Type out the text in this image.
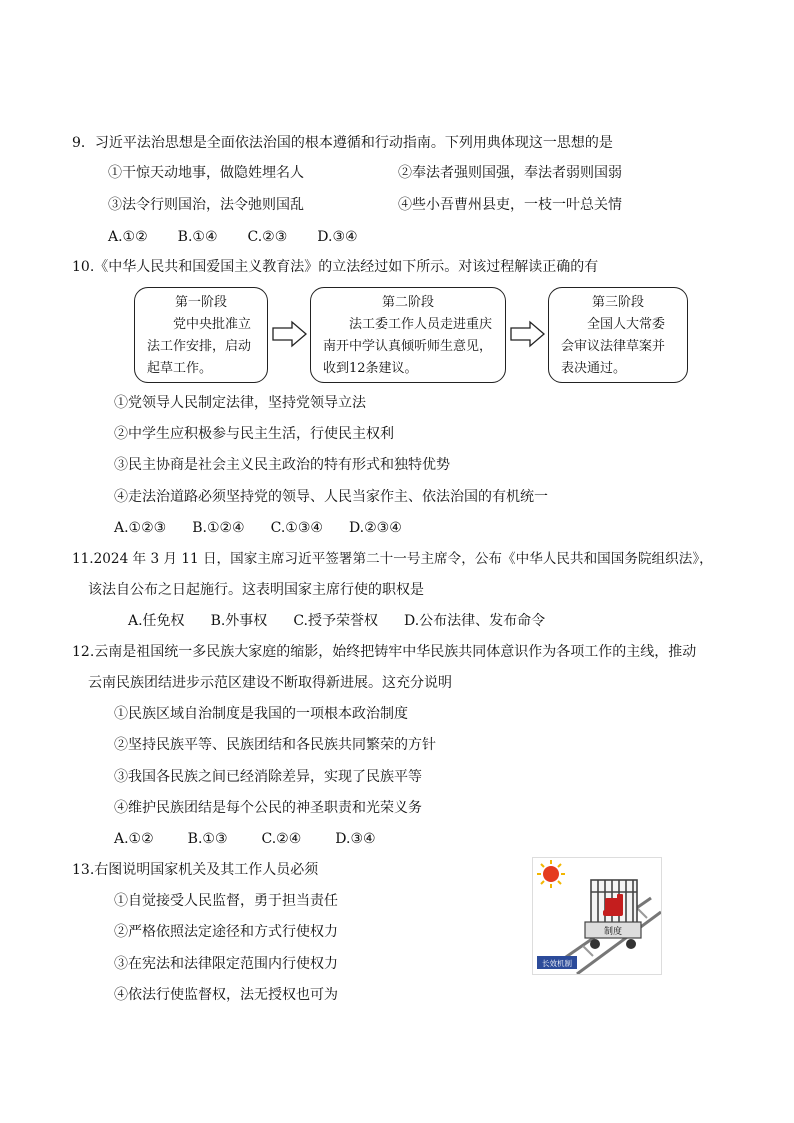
9．习近平法治思想是全面依法治国的根本遵循和行动指南。下列用典体现这一思想的是
①干惊天动地事，做隐姓埋名人	②奉法者强则国强，奉法者弱则国弱
③法令行则国治，法令弛则国乱	④些小吾曹州县吏，一枝一叶总关情
A.①② B.①④ C.②③ D.③④
10.《中华人民共和国爱国主义教育法》的立法经过如下所示。对该过程解读正确的有
第一阶段
党中央批准立法工作安排，启动起草工作。
第二阶段
法工委工作人员走进重庆南开中学认真倾听师生意见，收到12条建议。
第三阶段
全国人大常委会审议法律草案并表决通过。
①党领导人民制定法律，坚持党领导立法
②中学生应积极参与民主生活，行使民主权利
③民主协商是社会主义民主政治的特有形式和独特优势
④走法治道路必须坚持党的领导、人民当家作主、依法治国的有机统一
A.①②③ B.①②④ C.①③④ D.②③④
11.2024 年 3 月 11 日，国家主席习近平签署第二十一号主席令，公布《中华人民共和国国务院组织法》，
该法自公布之日起施行。这表明国家主席行使的职权是
A.任免权 B.外事权 C.授予荣誉权 D.公布法律、发布命令
12.云南是祖国统一多民族大家庭的缩影，始终把铸牢中华民族共同体意识作为各项工作的主线，推动
云南民族团结进步示范区建设不断取得新进展。这充分说明
①民族区域自治制度是我国的一项根本政治制度
②坚持民族平等、民族团结和各民族共同繁荣的方针
③我国各民族之间已经消除差异，实现了民族平等
④维护民族团结是每个公民的神圣职责和光荣义务
A.①② B.①③ C.②④ D.③④
13.右图说明国家机关及其工作人员必须
①自觉接受人民监督，勇于担当责任
②严格依照法定途径和方式行使权力
③在宪法和法律限定范围内行使权力
④依法行使监督权，法无授权也可为
制度
长效机制
